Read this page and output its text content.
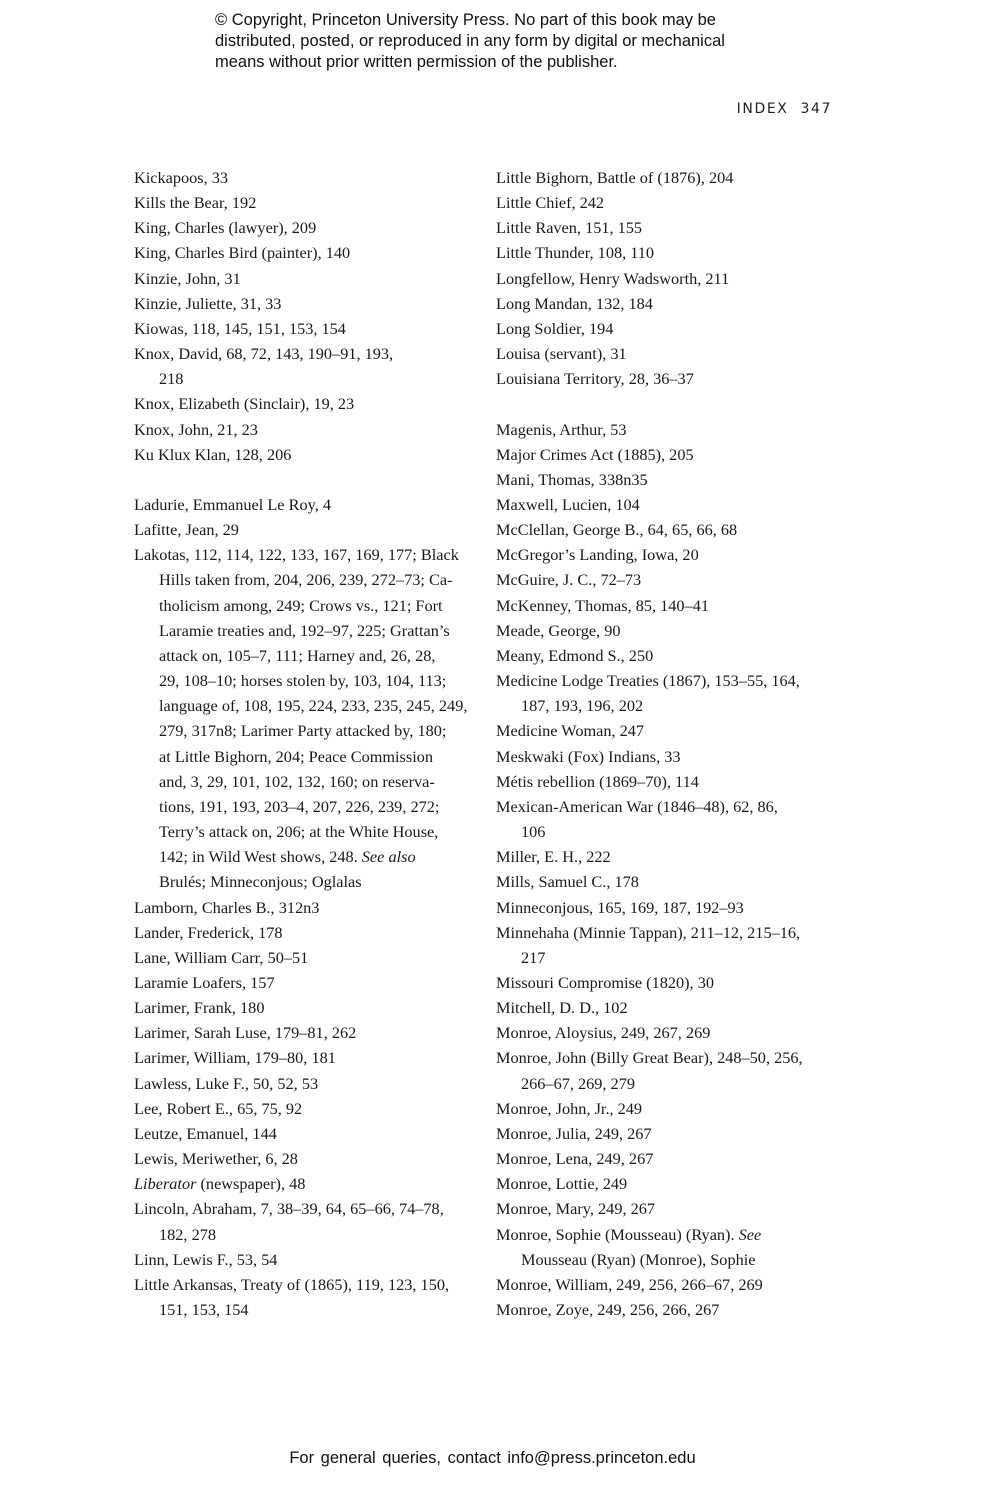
© Copyright, Princeton University Press. No part of this book may be
distributed, posted, or reproduced in any form by digital or mechanical
means without prior written permission of the publisher.
INDEX 347
Kickapoos, 33
Kills the Bear, 192
King, Charles (lawyer), 209
King, Charles Bird (painter), 140
Kinzie, John, 31
Kinzie, Juliette, 31, 33
Kiowas, 118, 145, 151, 153, 154
Knox, David, 68, 72, 143, 190–91, 193,
218
Knox, Elizabeth (Sinclair), 19, 23
Knox, John, 21, 23
Ku Klux Klan, 128, 206
Ladurie, Emmanuel Le Roy, 4
Lafitte, Jean, 29
Lakotas, 112, 114, 122, 133, 167, 169, 177; Black
Hills taken from, 204, 206, 239, 272–73; Ca-
tholicism among, 249; Crows vs., 121; Fort
Laramie treaties and, 192–97, 225; Grattan’s
attack on, 105–7, 111; Harney and, 26, 28,
29, 108–10; horses stolen by, 103, 104, 113;
language of, 108, 195, 224, 233, 235, 245, 249,
279, 317n8; Larimer Party attacked by, 180;
at Little Bighorn, 204; Peace Commission
and, 3, 29, 101, 102, 132, 160; on reserva-
tions, 191, 193, 203–4, 207, 226, 239, 272;
Terry’s attack on, 206; at the White House,
142; in Wild West shows, 248. See also
Brulés; Minneconjous; Oglalas
Lamborn, Charles B., 312n3
Lander, Frederick, 178
Lane, William Carr, 50–51
Laramie Loafers, 157
Larimer, Frank, 180
Larimer, Sarah Luse, 179–81, 262
Larimer, William, 179–80, 181
Lawless, Luke F., 50, 52, 53
Lee, Robert E., 65, 75, 92
Leutze, Emanuel, 144
Lewis, Meriwether, 6, 28
Liberator (newspaper), 48
Lincoln, Abraham, 7, 38–39, 64, 65–66, 74–78,
182, 278
Linn, Lewis F., 53, 54
Little Arkansas, Treaty of (1865), 119, 123, 150,
151, 153, 154
Little Bighorn, Battle of (1876), 204
Little Chief, 242
Little Raven, 151, 155
Little Thunder, 108, 110
Longfellow, Henry Wadsworth, 211
Long Mandan, 132, 184
Long Soldier, 194
Louisa (servant), 31
Louisiana Territory, 28, 36–37
Magenis, Arthur, 53
Major Crimes Act (1885), 205
Mani, Thomas, 338n35
Maxwell, Lucien, 104
McClellan, George B., 64, 65, 66, 68
McGregor’s Landing, Iowa, 20
McGuire, J. C., 72–73
McKenney, Thomas, 85, 140–41
Meade, George, 90
Meany, Edmond S., 250
Medicine Lodge Treaties (1867), 153–55, 164,
187, 193, 196, 202
Medicine Woman, 247
Meskwaki (Fox) Indians, 33
Métis rebellion (1869–70), 114
Mexican-American War (1846–48), 62, 86,
106
Miller, E. H., 222
Mills, Samuel C., 178
Minneconjous, 165, 169, 187, 192–93
Minnehaha (Minnie Tappan), 211–12, 215–16,
217
Missouri Compromise (1820), 30
Mitchell, D. D., 102
Monroe, Aloysius, 249, 267, 269
Monroe, John (Billy Great Bear), 248–50, 256,
266–67, 269, 279
Monroe, John, Jr., 249
Monroe, Julia, 249, 267
Monroe, Lena, 249, 267
Monroe, Lottie, 249
Monroe, Mary, 249, 267
Monroe, Sophie (Mousseau) (Ryan). See
Mousseau (Ryan) (Monroe), Sophie
Monroe, William, 249, 256, 266–67, 269
Monroe, Zoye, 249, 256, 266, 267
For general queries, contact info@press.princeton.edu
